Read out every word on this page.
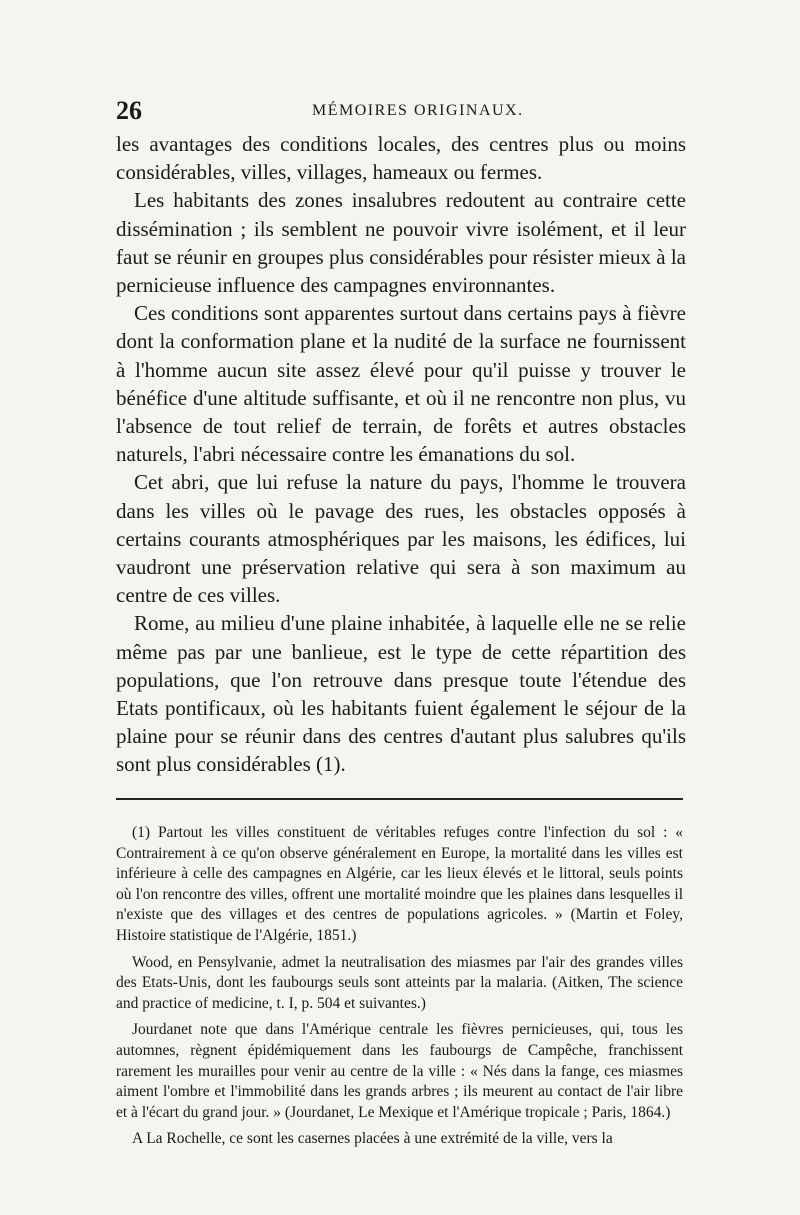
26	MÉMOIRES ORIGINAUX.

les avantages des conditions locales, des centres plus ou moins considérables, villes, villages, hameaux ou fermes.

Les habitants des zones insalubres redoutent au contraire cette dissémination ; ils semblent ne pouvoir vivre isolément, et il leur faut se réunir en groupes plus considérables pour résister mieux à la pernicieuse influence des campagnes environnantes.

Ces conditions sont apparentes surtout dans certains pays à fièvre dont la conformation plane et la nudité de la surface ne fournissent à l'homme aucun site assez élevé pour qu'il puisse y trouver le bénéfice d'une altitude suffisante, et où il ne rencontre non plus, vu l'absence de tout relief de terrain, de forêts et autres obstacles naturels, l'abri nécessaire contre les émanations du sol.

Cet abri, que lui refuse la nature du pays, l'homme le trouvera dans les villes où le pavage des rues, les obstacles opposés à certains courants atmosphériques par les maisons, les édifices, lui vaudront une préservation relative qui sera à son maximum au centre de ces villes.

Rome, au milieu d'une plaine inhabitée, à laquelle elle ne se relie même pas par une banlieue, est le type de cette répartition des populations, que l'on retrouve dans presque toute l'étendue des Etats pontificaux, où les habitants fuient également le séjour de la plaine pour se réunir dans des centres d'autant plus salubres qu'ils sont plus considérables (1).

(1) Partout les villes constituent de véritables refuges contre l'infection du sol : « Contrairement à ce qu'on observe généralement en Europe, la mortalité dans les villes est inférieure à celle des campagnes en Algérie, car les lieux élevés et le littoral, seuls points où l'on rencontre des villes, offrent une mortalité moindre que les plaines dans lesquelles il n'existe que des villages et des centres de populations agricoles. » (Martin et Foley, Histoire statistique de l'Algérie, 1851.)

Wood, en Pensylvanie, admet la neutralisation des miasmes par l'air des grandes villes des Etats-Unis, dont les faubourgs seuls sont atteints par la malaria. (Aitken, The science and practice of medicine, t. I, p. 504 et suivantes.)

Jourdanet note que dans l'Amérique centrale les fièvres pernicieuses, qui, tous les automnes, règnent épidémiquement dans les faubourgs de Campêche, franchissent rarement les murailles pour venir au centre de la ville : « Nés dans la fange, ces miasmes aiment l'ombre et l'immobilité dans les grands arbres ; ils meurent au contact de l'air libre et à l'écart du grand jour. » (Jourdanet, Le Mexique et l'Amérique tropicale ; Paris, 1864.)

A La Rochelle, ce sont les casernes placées à une extrémité de la ville, vers la
